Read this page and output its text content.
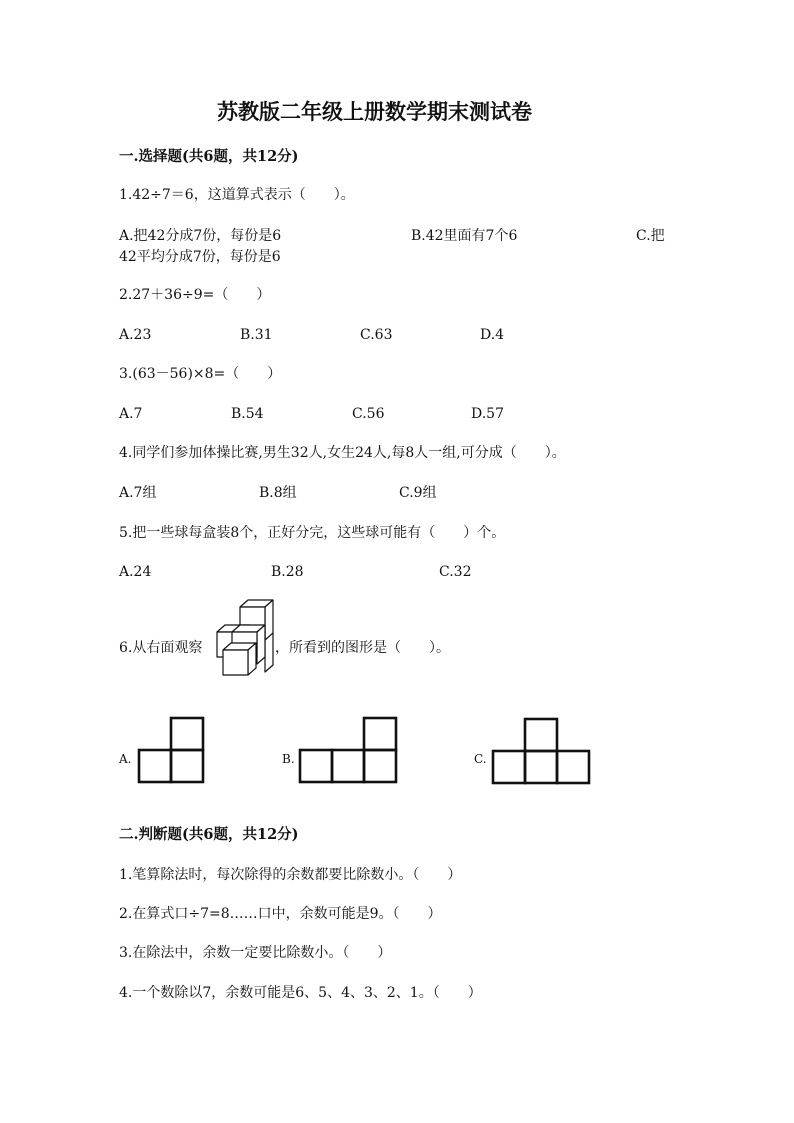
苏教版二年级上册数学期末测试卷
一.选择题(共6题，共12分)
1.42÷7＝6，这道算式表示（　　）。
A.把42分成7份，每份是6	B.42里面有7个6	C.把
42平均分成7份，每份是6
2.27＋36÷9=（　　）
A.23	B.31	C.63	D.4
3.(63－56)×8=（　　）
A.7	B.54	C.56	D.57
4.同学们参加体操比赛,男生32人,女生24人,每8人一组,可分成（　　）。
A.7组	B.8组	C.9组
5.把一些球每盒装8个，正好分完，这些球可能有（　　）个。
A.24	B.28	C.32
6.从右面观察	，所看到的图形是（　　）。
A.	B.	C.
二.判断题(共6题，共12分)
1.笔算除法时，每次除得的余数都要比除数小。（　　）
2.在算式口÷7=8……口中，余数可能是9。（　　）
3.在除法中，余数一定要比除数小。（　　）
4.一个数除以7，余数可能是6、5、4、3、2、1。（　　）
